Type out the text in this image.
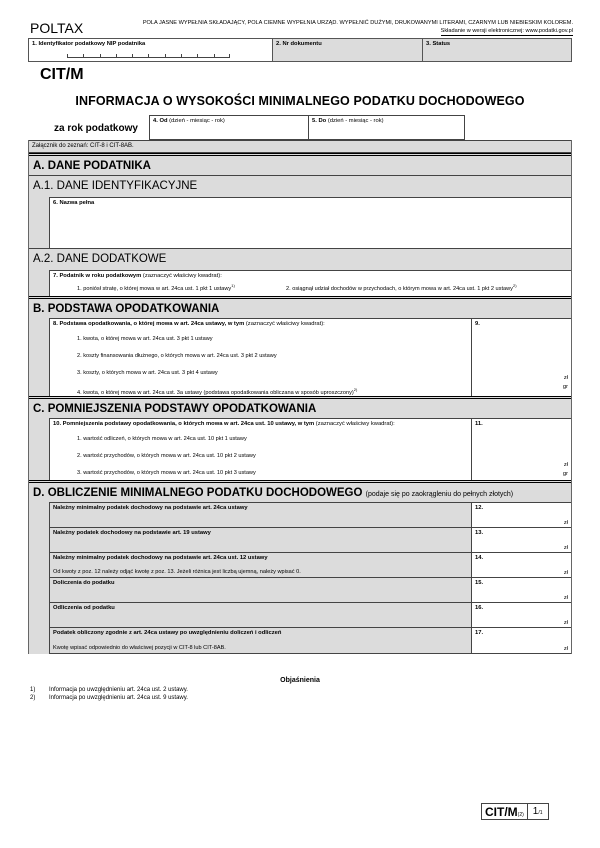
POLTAX	POLA JASNE WYPEŁNIA SKŁADAJĄCY, POLA CIEMNE WYPEŁNIA URZĄD. WYPEŁNIĆ DUŻYMI, DRUKOWANYMI LITERAMI, CZARNYM LUB NIEBIESKIM KOLOREM.
Składanie w wersji elektronicznej: www.podatki.gov.pl
1. Identyfikator podatkowy NIP podatnika	2. Nr dokumentu	3. Status
CIT/M
INFORMACJA O WYSOKOŚCI MINIMALNEGO PODATKU DOCHODOWEGO
za rok podatkowy
4. Od (dzień - miesiąc - rok)	5. Do (dzień - miesiąc - rok)
Załącznik do zeznań: CIT-8 i CIT-8AB.
A. DANE PODATNIKA
A.1. DANE IDENTYFIKACYJNE
6. Nazwa pełna
A.2. DANE DODATKOWE
7. Podatnik w roku podatkowym (zaznaczyć właściwy kwadrat):
1. poniósł stratę, o której mowa w art. 24ca ust. 1 pkt 1 ustawy$^{1)}$
2. osiągnął udział dochodów w przychodach, o którym mowa w art. 24ca ust. 1 pkt 2 ustawy$^{2)}$
B. PODSTAWA OPODATKOWANIA
8. Podstawa opodatkowania, o której mowa w art. 24ca ustawy, w tym (zaznaczyć właściwy kwadrat):
1. kwota, o której mowa w art. 24ca ust. 3 pkt 1 ustawy
2. koszty finansowania dłużnego, o których mowa w art. 24ca ust. 3 pkt 2 ustawy
3. koszty, o których mowa w art. 24ca ust. 3 pkt 4 ustawy
4. kwota, o której mowa w art. 24ca ust. 3a ustawy (podstawa opodatkowania obliczana w sposób uproszczony)$^{2)}$
9.
zł
gr
C. POMNIEJSZENIA PODSTAWY OPODATKOWANIA
10. Pomniejszenia podstawy opodatkowania, o których mowa w art. 24ca ust. 10 ustawy, w tym (zaznaczyć właściwy kwadrat):
1. wartość odliczeń, o których mowa w art. 24ca ust. 10 pkt 1 ustawy
2. wartość przychodów, o których mowa w art. 24ca ust. 10 pkt 2 ustawy
3. wartość przychodów, o których mowa w art. 24ca ust. 10 pkt 3 ustawy
11.
zł
gr
D. OBLICZENIE MINIMALNEGO PODATKU DOCHODOWEGO (podaje się po zaokrągleniu do pełnych złotych)
Należny minimalny podatek dochodowy na podstawie art. 24ca ustawy	12.
zł
Należny podatek dochodowy na podstawie art. 19 ustawy	13.
zł
Należny minimalny podatek dochodowy na podstawie art. 24ca ust. 12 ustawy
Od kwoty z poz. 12 należy odjąć kwotę z poz. 13. Jeżeli różnica jest liczbą ujemną, należy wpisać 0.
14.
zł
Doliczenia do podatku	15.
zł
Odliczenia od podatku	16.
zł
Podatek obliczony zgodnie z art. 24ca ustawy po uwzględnieniu doliczeń i odliczeń
Kwotę wpisać odpowiednio do właściwej pozycji w CIT-8 lub CIT-8AB.
17.
zł
Objaśnienia
1) Informacja po uwzględnieniu art. 24ca ust. 2 ustawy.
2) Informacja po uwzględnieniu art. 24ca ust. 9 ustawy.
CIT/M(2) 1/1
